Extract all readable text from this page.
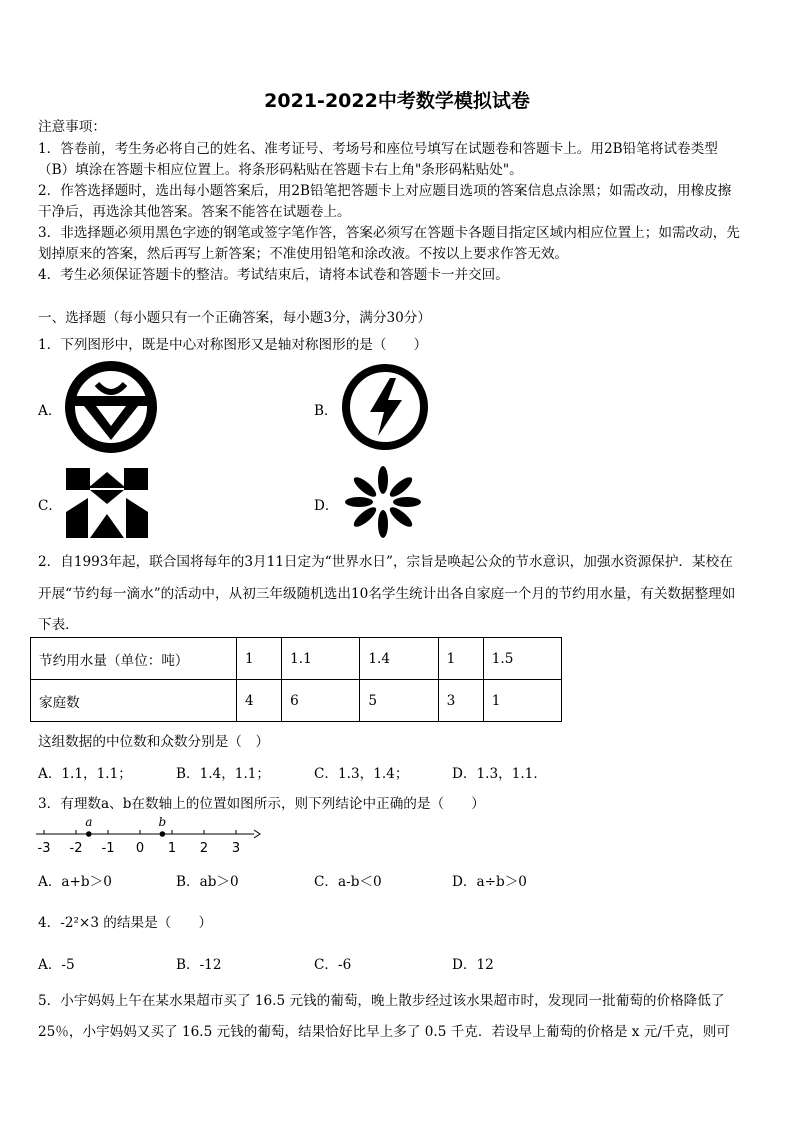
2021-2022中考数学模拟试卷
注意事项：
1．答卷前，考生务必将自己的姓名、准考证号、考场号和座位号填写在试题卷和答题卡上。用2B铅笔将试卷类型
（B）填涂在答题卡相应位置上。将条形码粘贴在答题卡右上角"条形码粘贴处"。
2．作答选择题时，选出每小题答案后，用2B铅笔把答题卡上对应题目选项的答案信息点涂黑；如需改动，用橡皮擦
干净后，再选涂其他答案。答案不能答在试题卷上。
3．非选择题必须用黑色字迹的钢笔或签字笔作答，答案必须写在答题卡各题目指定区域内相应位置上；如需改动，先
划掉原来的答案，然后再写上新答案；不准使用铅笔和涂改液。不按以上要求作答无效。
4．考生必须保证答题卡的整洁。考试结束后，请将本试卷和答题卡一并交回。
一、选择题（每小题只有一个正确答案，每小题3分，满分30分）
1．下列图形中，既是中心对称图形又是轴对称图形的是（　　）
A．	B．
C．	D．
2．自1993年起，联合国将每年的3月11日定为“世界水日”，宗旨是唤起公众的节水意识，加强水资源保护．某校在
开展“节约每一滴水”的活动中，从初三年级随机选出10名学生统计出各自家庭一个月的节约用水量，有关数据整理如
下表．
节约用水量（单位：吨）	1	1.1	1.4	1	1.5
家庭数	4	6	5	3	1
这组数据的中位数和众数分别是（　）
A．1.1，1.1；	B．1.4，1.1；	C．1.3，1.4；	D．1.3，1.1．
3．有理数a、b在数轴上的位置如图所示，则下列结论中正确的是（　　）
-3 -2 -1 0 1 2 3
a	b
A．a+b＞0	B．ab＞0	C．a-b＜0	D．a÷b＞0
4．-2²×3 的结果是（　　）
A．-5	B．-12	C．-6	D．12
5．小宇妈妈上午在某水果超市买了 16.5 元钱的葡萄，晚上散步经过该水果超市时，发现同一批葡萄的价格降低了
25％，小宇妈妈又买了 16.5 元钱的葡萄，结果恰好比早上多了 0.5 千克．若设早上葡萄的价格是 x 元/千克，则可
